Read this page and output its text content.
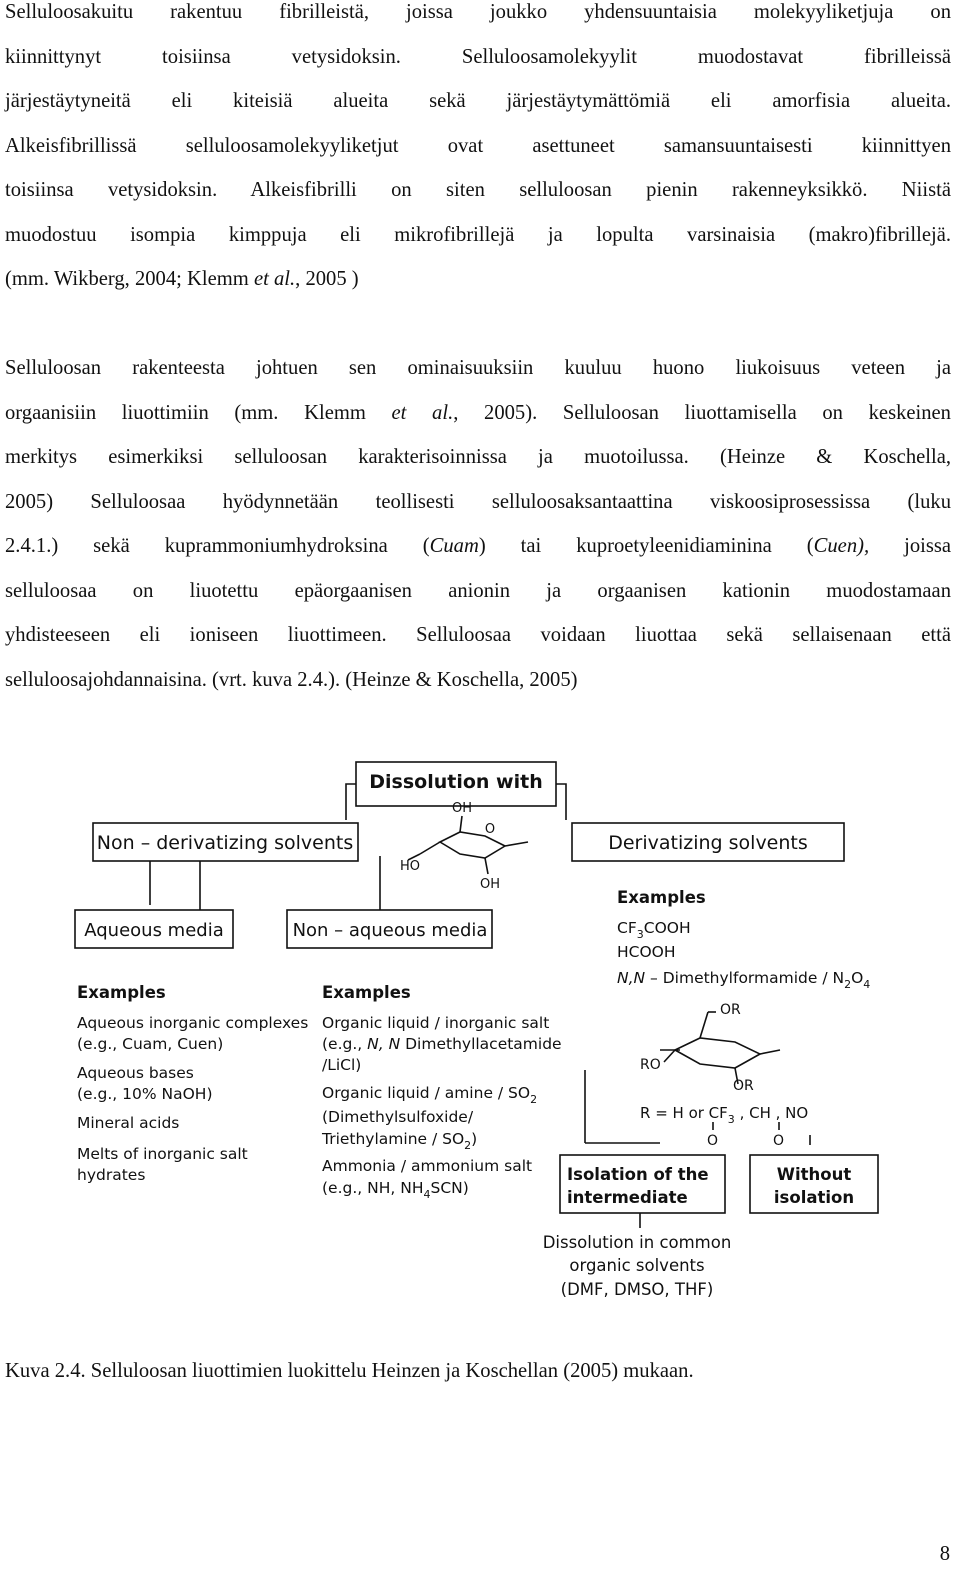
Selluloosakuitu rakentuu fibrilleistä, joissa joukko yhdensuuntaisia molekyyliketjuja on
kiinnittynyt toisiinsa vetysidoksin. Selluloosamolekyylit muodostavat fibrilleissä
järjestäytyneitä eli kiteisiä alueita sekä järjestäytymättömiä eli amorfisia alueita.
Alkeisfibrillissä selluloosamolekyyliketjut ovat asettuneet samansuuntaisesti kiinnittyen
toisiinsa vetysidoksin. Alkeisfibrilli on siten selluloosan pienin rakenneyksikkö. Niistä
muodostuu isompia kimppuja eli mikrofibrillejä ja lopulta varsinaisia (makro)fibrillejä.
(mm. Wikberg, 2004; Klemm et al., 2005 )
Selluloosan rakenteesta johtuen sen ominaisuuksiin kuuluu huono liukoisuus veteen ja
orgaanisiin liuottimiin (mm. Klemm et al., 2005). Selluloosan liuottamisella on keskeinen
merkitys esimerkiksi selluloosan karakterisoinnissa ja muotoilussa. (Heinze & Koschella,
2005) Selluloosaa hyödynnetään teollisesti selluloosaksantaattina viskoosiprosessissa (luku
2.4.1.) sekä kuprammoniumhydroksina (Cuam) tai kuproetyleenidiaminina (Cuen), joissa
selluloosaa on liuotettu epäorgaanisen anionin ja orgaanisen kationin muodostamaan
yhdisteeseen eli ioniseen liuottimeen. Selluloosaa voidaan liuottaa sekä sellaisenaan että
selluloosajohdannaisina. (vrt. kuva 2.4.). (Heinze & Koschella, 2005)
Dissolution with
Non – derivatizing solvents	Derivatizing solvents
OH
O
HO
OH
Aqueous media	Non – aqueous media
Examples
Aqueous inorganic complexes
(e.g., Cuam, Cuen)
Aqueous bases
(e.g., 10% NaOH)
Mineral acids
Melts of inorganic salt
hydrates
Examples
Organic liquid / inorganic salt
(e.g., N, N Dimethyllacetamide
/LiCl)
Organic liquid / amine / $SO_2$
(Dimethylsulfoxide/
Triethylamine / $SO_2$)
Ammonia / ammonium salt
(e.g., NH, $NH_4SCN$)
Examples
$CF_3COOH$
HCOOH
N,N – Dimethylformamide / $N_2O_4$
OR
RO
OR
R = H or $CF_3$ , CH , NO
O	O
Isolation of the
intermediate
Without
isolation
Dissolution in common
organic solvents
(DMF, DMSO, THF)
Kuva 2.4. Selluloosan liuottimien luokittelu Heinzen ja Koschellan (2005) mukaan.
8
